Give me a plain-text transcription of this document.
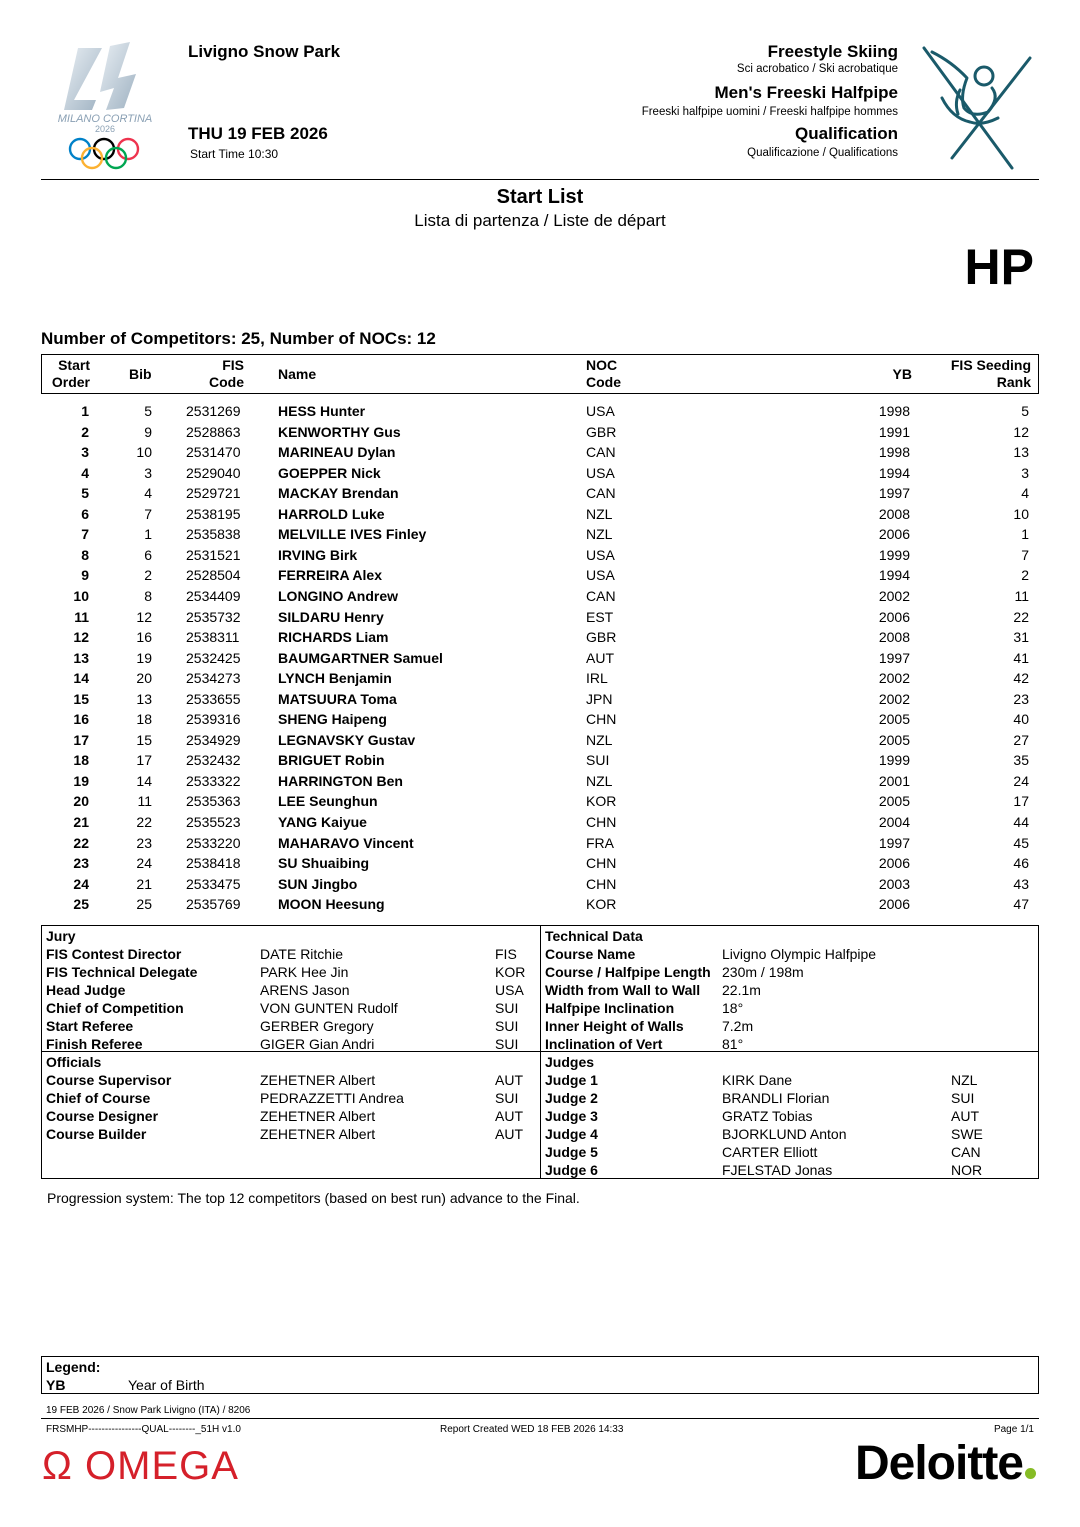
MILANO CORTINA
2026
Livigno Snow Park
THU 19 FEB 2026
Start Time 10:30
Freestyle Skiing
Sci acrobatico / Ski acrobatique
Men's Freeski Halfpipe
Freeski halfpipe uomini / Freeski halfpipe hommes
Qualification
Qualificazione / Qualifications
Start List
Lista di partenza / Liste de départ
HP
Number of Competitors: 25, Number of NOCs: 12
Start
Order	Bib
FIS
Code Name
NOC
Code	YB
FIS Seeding
Rank
1	5 2531269	HESS Hunter	USA	1998	5
2	9 2528863	KENWORTHY Gus	GBR	1991	12
3	10 2531470	MARINEAU Dylan	CAN	1998	13
4	3 2529040	GOEPPER Nick	USA	1994	3
5	4 2529721	MACKAY Brendan	CAN	1997	4
6	7 2538195	HARROLD Luke	NZL	2008	10
7	1 2535838	MELVILLE IVES Finley	NZL	2006	1
8	6 2531521	IRVING Birk	USA	1999	7
9	2 2528504	FERREIRA Alex	USA	1994	2
10	8 2534409	LONGINO Andrew	CAN	2002	11
11	12 2535732	SILDARU Henry	EST	2006	22
12	16 2538311	RICHARDS Liam	GBR	2008	31
13	19 2532425	BAUMGARTNER Samuel	AUT	1997	41
14	20 2534273	LYNCH Benjamin	IRL	2002	42
15	13 2533655	MATSUURA Toma	JPN	2002	23
16	18 2539316	SHENG Haipeng	CHN	2005	40
17	15 2534929	LEGNAVSKY Gustav	NZL	2005	27
18	17 2532432	BRIGUET Robin	SUI	1999	35
19	14 2533322	HARRINGTON Ben	NZL	2001	24
20	11 2535363	LEE Seunghun	KOR	2005	17
21	22 2535523	YANG Kaiyue	CHN	2004	44
22	23 2533220	MAHARAVO Vincent	FRA	1997	45
23	24 2538418	SU Shuaibing	CHN	2006	46
24	21 2533475	SUN Jingbo	CHN	2003	43
25	25 2535769	MOON Heesung	KOR	2006	47
Jury
FIS Contest Director	DATE Ritchie	FIS
FIS Technical Delegate	PARK Hee Jin	KOR
Head Judge	ARENS Jason	USA
Chief of Competition	VON GUNTEN Rudolf	SUI
Start Referee	GERBER Gregory	SUI
Finish Referee	GIGER Gian Andri	SUI
Officials
Course Supervisor	ZEHETNER Albert	AUT
Chief of Course	PEDRAZZETTI Andrea	SUI
Course Designer	ZEHETNER Albert	AUT
Course Builder	ZEHETNER Albert	AUT
Technical Data
Course Name	Livigno Olympic Halfpipe
Course / Halfpipe Length 230m / 198m
Width from Wall to Wall 22.1m
Halfpipe Inclination	18°
Inner Height of Walls	7.2m
Inclination of Vert	81°
Judges
Judge 1	KIRK Dane	NZL
Judge 2	BRANDLI Florian	SUI
Judge 3	GRATZ Tobias	AUT
Judge 4	BJORKLUND Anton	SWE
Judge 5	CARTER Elliott	CAN
Judge 6	FJELSTAD Jonas	NOR
Progression system: The top 12 competitors (based on best run) advance to the Final.
Legend:
YB	Year of Birth
19 FEB 2026 / Snow Park Livigno (ITA) / 8206
FRSMHP----------------QUAL--------_51H v1.0	Report Created WED 18 FEB 2026 14:33	Page 1/1
Ω OMEGA	Deloitte
